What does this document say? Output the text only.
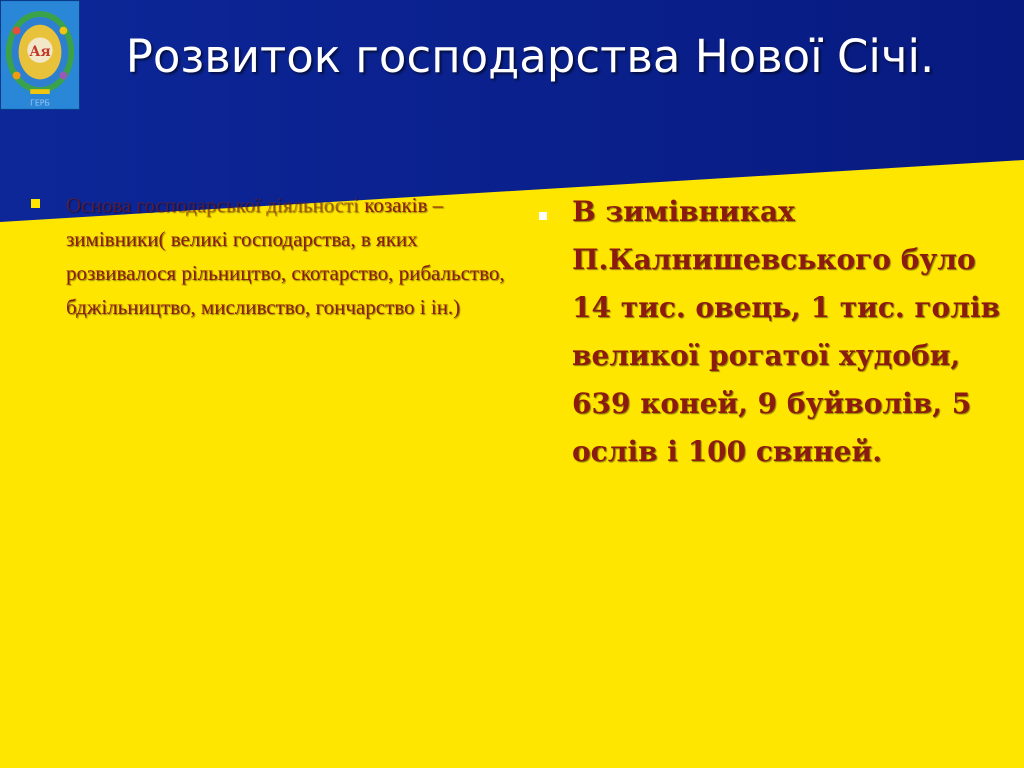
Ая
ГЕРБ
Розвиток господарства Нової Січі.

Основа господарської діяльності козаків – зимівники( великі господарства, в яких розвивалося рільництво, скотарство, рибальство, бджільництво, мисливство, гончарство і ін.)

В зимівниках П.Калнишевського було 14 тис. овець, 1 тис. голів великої рогатої худоби, 639 коней, 9 буйволів, 5 ослів і 100 свиней.
